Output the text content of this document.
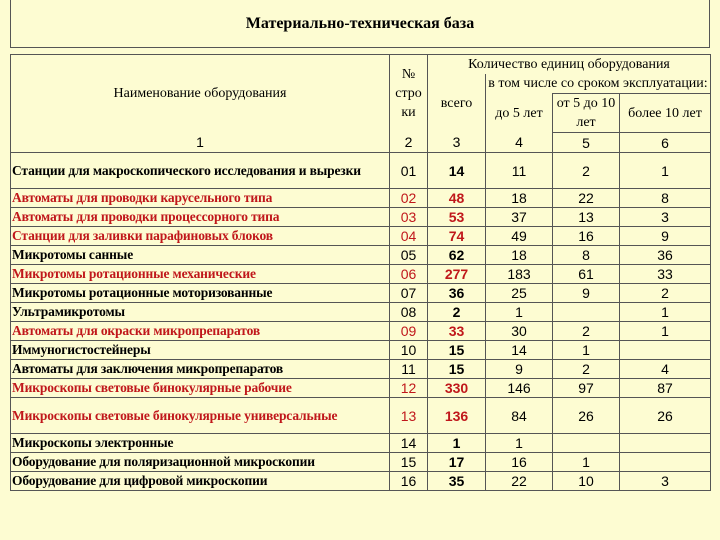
Материально-техническая база
Наименование оборудования	№ стро ки	Количество единиц оборудования			
		всего	в том числе со сроком эксплуатации:		
			до 5 лет	от 5 до 10 лет	более 10 лет

1	2	3	4	5	6
Станции для макроскопического исследования и вырезки	01	14	11	2	1
Автоматы для проводки карусельного типа	02	48	18	22	8
Автоматы для проводки процессорного типа	03	53	37	13	3
Станции для заливки парафиновых блоков	04	74	49	16	9
Микротомы санные	05	62	18	8	36
Микротомы ротационные механические	06	277	183	61	33
Микротомы ротационные моторизованные	07	36	25	9	2
Ультрамикротомы	08	2	1		1
Автоматы для окраски микропрепаратов	09	33	30	2	1
Иммуногистостейнеры	10	15	14	1	
Автоматы для заключения микропрепаратов	11	15	9	2	4
Микроскопы световые бинокулярные рабочие	12	330	146	97	87
Микроскопы световые бинокулярные универсальные	13	136	84	26	26
Микроскопы электронные	14	1	1		
Оборудование для поляризационной микроскопии	15	17	16	1	
Оборудование для цифровой микроскопии	16	35	22	10	3
